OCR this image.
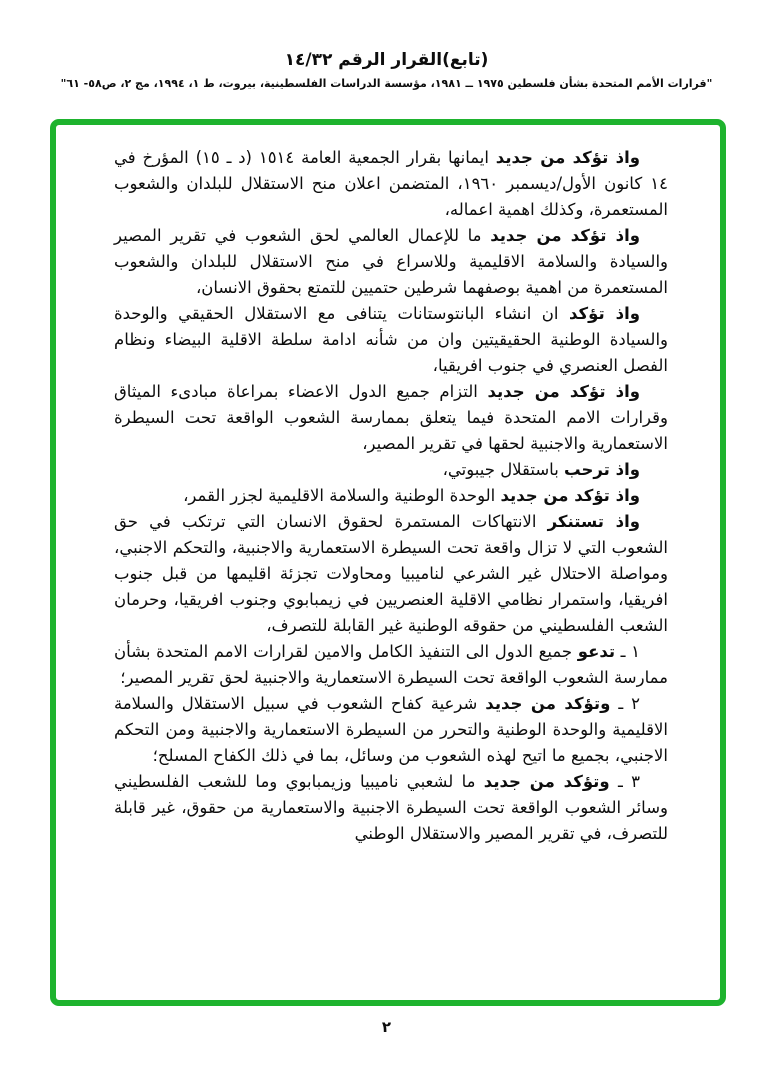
(تابع)القرار الرقم ١٤/٣٢
"قرارات الأمم المتحدة بشأن فلسطين ١٩٧٥ ــ ١٩٨١، مؤسسة الدراسات الفلسطينية، بيروت، ط ١، ١٩٩٤، مج ٢، ص٥٨- ٦١"

واذ تؤكد من جديد ايمانها بقرار الجمعية العامة ١٥١٤ (د ـ ١٥) المؤرخ في ١٤ كانون الأول/ديسمبر ١٩٦٠، المتضمن اعلان منح الاستقلال للبلدان والشعوب المستعمرة، وكذلك اهمية اعماله،

واذ تؤكد من جديد ما للإعمال العالمي لحق الشعوب في تقرير المصير والسيادة والسلامة الاقليمية وللاسراع في منح الاستقلال للبلدان والشعوب المستعمرة من اهمية بوصفهما شرطين حتميين للتمتع بحقوق الانسان،

واذ تؤكد ان انشاء البانتوستانات يتنافى مع الاستقلال الحقيقي والوحدة والسيادة الوطنية الحقيقيتين وان من شأنه ادامة سلطة الاقلية البيضاء ونظام الفصل العنصري في جنوب افريقيا،

واذ تؤكد من جديد التزام جميع الدول الاعضاء بمراعاة مبادىء الميثاق وقرارات الامم المتحدة فيما يتعلق بممارسة الشعوب الواقعة تحت السيطرة الاستعمارية والاجنبية لحقها في تقرير المصير،

واذ ترحب باستقلال جيبوتي،

واذ تؤكد من جديد الوحدة الوطنية والسلامة الاقليمية لجزر القمر،

واذ تستنكر الانتهاكات المستمرة لحقوق الانسان التي ترتكب في حق الشعوب التي لا تزال واقعة تحت السيطرة الاستعمارية والاجنبية، والتحكم الاجنبي، ومواصلة الاحتلال غير الشرعي لناميبيا ومحاولات تجزئة اقليمها من قبل جنوب افريقيا، واستمرار نظامي الاقلية العنصريين في زيمبابوي وجنوب افريقيا، وحرمان الشعب الفلسطيني من حقوقه الوطنية غير القابلة للتصرف،

١ ـ تدعو جميع الدول الى التنفيذ الكامل والامين لقرارات الامم المتحدة بشأن ممارسة الشعوب الواقعة تحت السيطرة الاستعمارية والاجنبية لحق تقرير المصير؛

٢ ـ وتؤكد من جديد شرعية كفاح الشعوب في سبيل الاستقلال والسلامة الاقليمية والوحدة الوطنية والتحرر من السيطرة الاستعمارية والاجنبية ومن التحكم الاجنبي، بجميع ما اتيح لهذه الشعوب من وسائل، بما في ذلك الكفاح المسلح؛

٣ ـ وتؤكد من جديد ما لشعبي ناميبيا وزيمبابوي وما للشعب الفلسطيني وسائر الشعوب الواقعة تحت السيطرة الاجنبية والاستعمارية من حقوق، غير قابلة للتصرف، في تقرير المصير والاستقلال الوطني

٢
